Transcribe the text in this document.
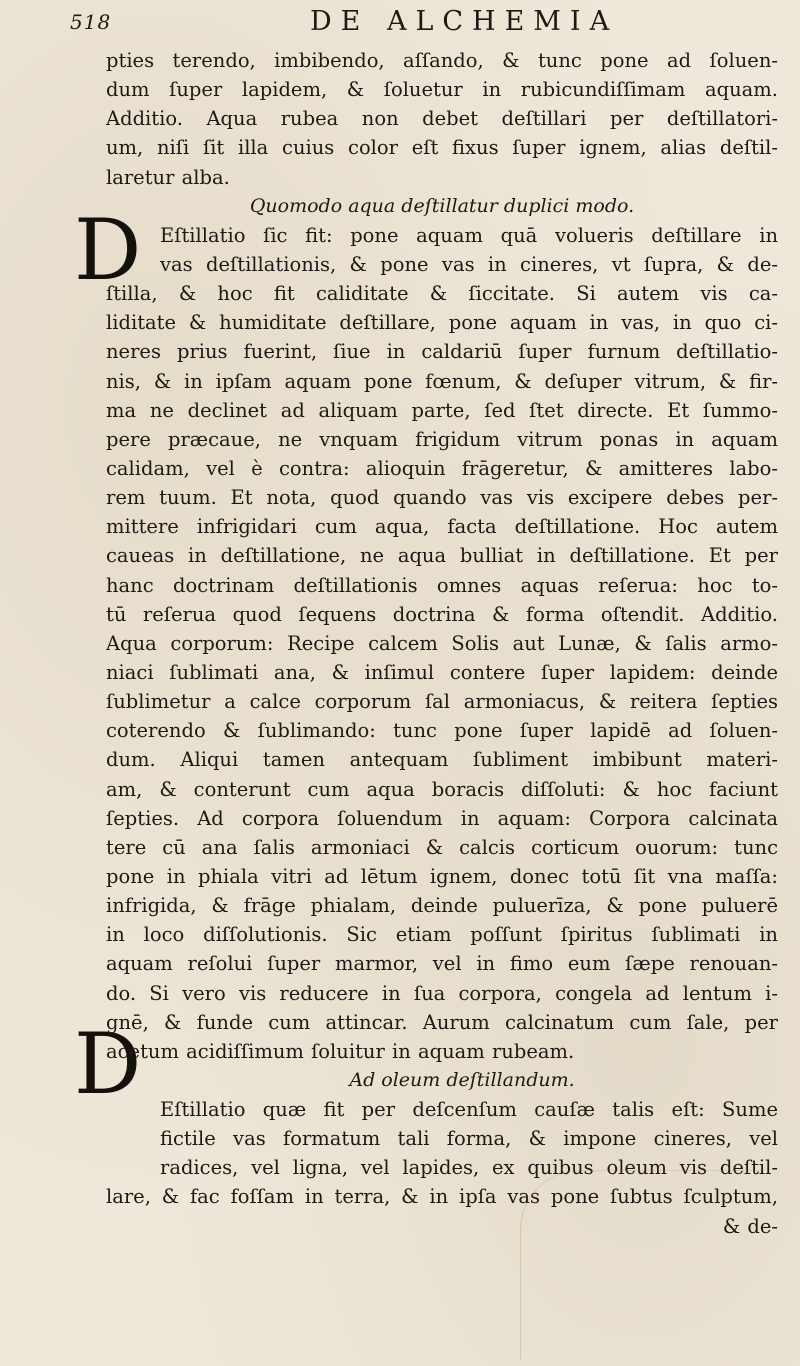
518	DE ALCHEMIA
D
D
pties terendo, imbibendo, aſſando, & tunc pone ad ſoluen-
dum ſuper lapidem, & ſoluetur in rubicundiſſimam aquam.
Additio. Aqua rubea non debet deſtillari per deſtillatori-
um, niſi ſit illa cuius color eſt fixus ſuper ignem, alias deſtil-
laretur alba.
Quomodo aqua deſtillatur duplici modo.
Eſtillatio ſic fit: pone aquam quā volueris deſtillare in
vas deſtillationis, & pone vas in cineres, vt ſupra, & de-
ſtilla, & hoc fit caliditate & ſiccitate. Si autem vis ca-
liditate & humiditate deſtillare, pone aquam in vas, in quo ci-
neres prius fuerint, ſiue in caldariū ſuper furnum deſtillatio-
nis, & in ipſam aquam pone fœnum, & deſuper vitrum, & fir-
ma ne declinet ad aliquam parte, ſed ſtet directe. Et ſummo-
pere præcaue, ne vnquam frigidum vitrum ponas in aquam
calidam, vel è contra: alioquin frāgeretur, & amitteres labo-
rem tuum. Et nota, quod quando vas vis excipere debes per-
mittere infrigidari cum aqua, facta deſtillatione. Hoc autem
caueas in deſtillatione, ne aqua bulliat in deſtillatione. Et per
hanc doctrinam deſtillationis omnes aquas reſerua: hoc to-
tū reſerua quod ſequens doctrina & forma oſtendit. Additio.
Aqua corporum: Recipe calcem Solis aut Lunæ, & ſalis armo-
niaci ſublimati ana, & inſimul contere ſuper lapidem: deinde
ſublimetur a calce corporum ſal armoniacus, & reitera ſepties
coterendo & ſublimando: tunc pone ſuper lapidē ad ſoluen-
dum. Aliqui tamen antequam ſubliment imbibunt materi-
am, & conterunt cum aqua boracis diſſoluti: & hoc faciunt
ſepties. Ad corpora ſoluendum in aquam: Corpora calcinata
tere cū ana ſalis armoniaci & calcis corticum ouorum: tunc
pone in phiala vitri ad lētum ignem, donec totū ſit vna maſſa:
infrigida, & frāge phialam, deinde puluerīza, & pone puluerē
in loco diſſolutionis. Sic etiam poſſunt ſpiritus ſublimati in
aquam reſolui ſuper marmor, vel in fimo eum ſæpe renouan-
do. Si vero vis reducere in ſua corpora, congela ad lentum i-
gnē, & funde cum attincar. Aurum calcinatum cum ſale, per
acetum acidiſſimum ſoluitur in aquam rubeam.
Ad oleum deſtillandum.
Eſtillatio quæ fit per deſcenſum cauſæ talis eſt: Sume
fictile vas formatum tali forma, & impone cineres, vel
radices, vel ligna, vel lapides, ex quibus oleum vis deſtil-
lare, & fac foſſam in terra, & in ipſa vas pone ſubtus ſculptum,
& de-
